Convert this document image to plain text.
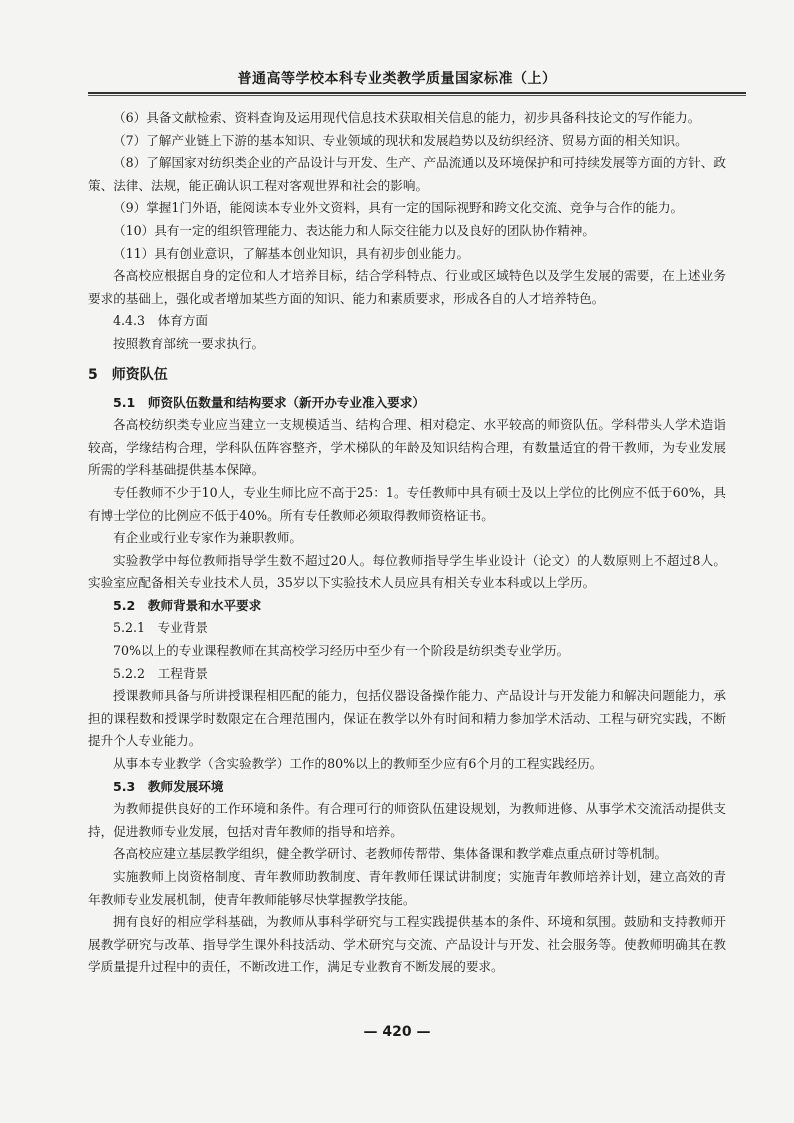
普通高等学校本科专业类教学质量国家标准（上）

（6）具备文献检索、资料查询及运用现代信息技术获取相关信息的能力，初步具备科技论文的写作能力。

（7）了解产业链上下游的基本知识、专业领域的现状和发展趋势以及纺织经济、贸易方面的相关知识。

（8）了解国家对纺织类企业的产品设计与开发、生产、产品流通以及环境保护和可持续发展等方面的方针、政策、法律、法规，能正确认识工程对客观世界和社会的影响。

（9）掌握1门外语，能阅读本专业外文资料，具有一定的国际视野和跨文化交流、竞争与合作的能力。

（10）具有一定的组织管理能力、表达能力和人际交往能力以及良好的团队协作精神。

（11）具有创业意识，了解基本创业知识，具有初步创业能力。

各高校应根据自身的定位和人才培养目标，结合学科特点、行业或区域特色以及学生发展的需要，在上述业务要求的基础上，强化或者增加某些方面的知识、能力和素质要求，形成各自的人才培养特色。

4.4.3　体育方面

按照教育部统一要求执行。

5　师资队伍
5.1　师资队伍数量和结构要求（新开办专业准入要求）

各高校纺织类专业应当建立一支规模适当、结构合理、相对稳定、水平较高的师资队伍。学科带头人学术造诣较高，学缘结构合理，学科队伍阵容整齐，学术梯队的年龄及知识结构合理，有数量适宜的骨干教师，为专业发展所需的学科基础提供基本保障。

专任教师不少于10人，专业生师比应不高于25：1。专任教师中具有硕士及以上学位的比例应不低于60%，具有博士学位的比例应不低于40%。所有专任教师必须取得教师资格证书。

有企业或行业专家作为兼职教师。

实验教学中每位教师指导学生数不超过20人。每位教师指导学生毕业设计（论文）的人数原则上不超过8人。实验室应配备相关专业技术人员，35岁以下实验技术人员应具有相关专业本科或以上学历。

5.2　教师背景和水平要求
5.2.1　专业背景

70%以上的专业课程教师在其高校学习经历中至少有一个阶段是纺织类专业学历。

5.2.2　工程背景

授课教师具备与所讲授课程相匹配的能力，包括仪器设备操作能力、产品设计与开发能力和解决问题能力，承担的课程数和授课学时数限定在合理范围内，保证在教学以外有时间和精力参加学术活动、工程与研究实践，不断提升个人专业能力。

从事本专业教学（含实验教学）工作的80%以上的教师至少应有6个月的工程实践经历。

5.3　教师发展环境

为教师提供良好的工作环境和条件。有合理可行的师资队伍建设规划，为教师进修、从事学术交流活动提供支持，促进教师专业发展，包括对青年教师的指导和培养。

各高校应建立基层教学组织，健全教学研讨、老教师传帮带、集体备课和教学难点重点研讨等机制。

实施教师上岗资格制度、青年教师助教制度、青年教师任课试讲制度；实施青年教师培养计划，建立高效的青年教师专业发展机制，使青年教师能够尽快掌握教学技能。

拥有良好的相应学科基础，为教师从事科学研究与工程实践提供基本的条件、环境和氛围。鼓励和支持教师开展教学研究与改革、指导学生课外科技活动、学术研究与交流、产品设计与开发、社会服务等。使教师明确其在教学质量提升过程中的责任，不断改进工作，满足专业教育不断发展的要求。

— 420 —
